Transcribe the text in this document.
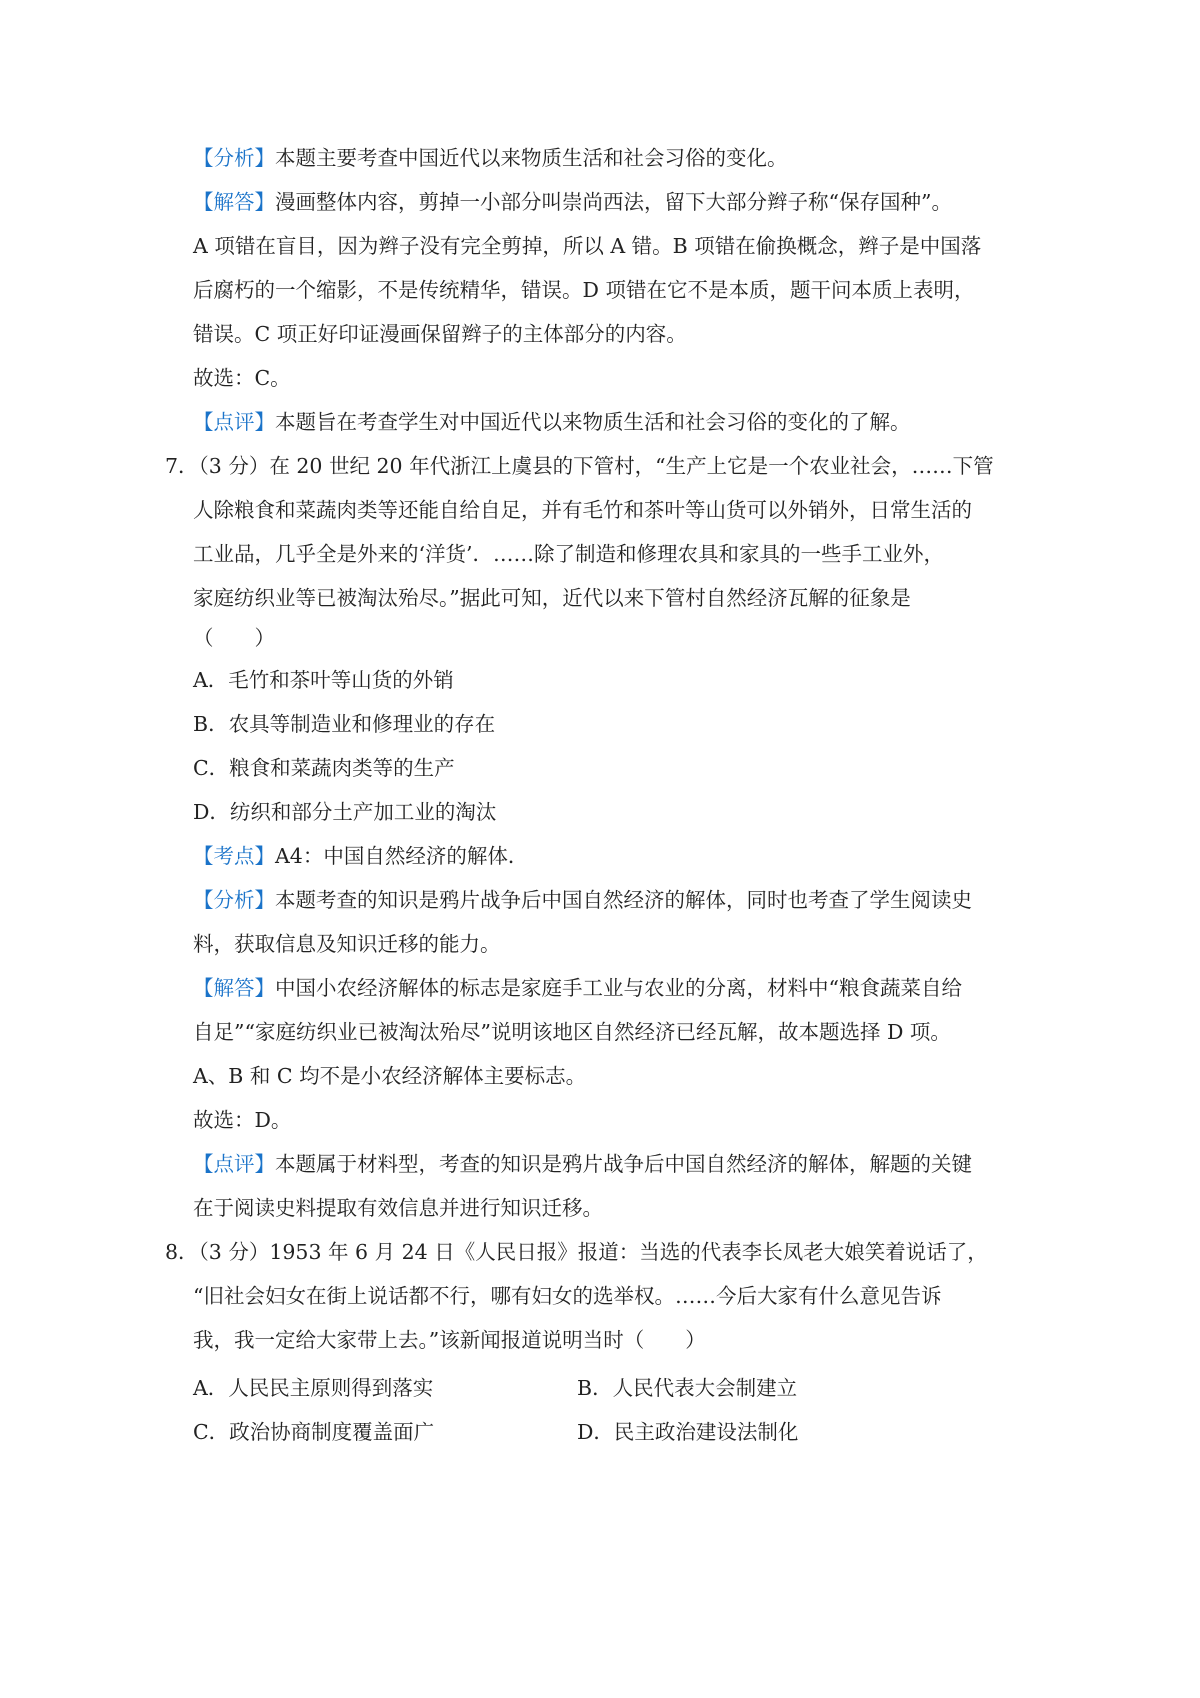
【分析】 本题主要考查中国近代以来物质生活和社会习俗的变化。
【解答】 漫画整体内容，剪掉一小部分叫崇尚西法，留下大部分辫子称“保存国种”。
A 项错在盲目，因为辫子没有完全剪掉，所以 A 错。B 项错在偷换概念，辫子是中国落
后腐朽的一个缩影，不是传统精华，错误。D 项错在它不是本质，题干问本质上表明，
错误。C 项正好印证漫画保留辫子的主体部分的内容。
故选：C。
【点评】 本题旨在考查学生对中国近代以来物质生活和社会习俗的变化的了解。
7．（3 分）在 20 世纪 20 年代浙江上虞县的下管村，“生产上它是一个农业社会，……下管
人除粮食和菜蔬肉类等还能自给自足，并有毛竹和茶叶等山货可以外销外，日常生活的
工业品，几乎全是外来的‘洋货’．……除了制造和修理农具和家具的一些手工业外，
家庭纺织业等已被淘汰殆尽。”据此可知，近代以来下管村自然经济瓦解的征象是
（　　）
A．毛竹和茶叶等山货的外销
B．农具等制造业和修理业的存在
C．粮食和菜蔬肉类等的生产
D．纺织和部分土产加工业的淘汰
【考点】 A4：中国自然经济的解体．
【分析】 本题考查的知识是鸦片战争后中国自然经济的解体，同时也考查了学生阅读史
料，获取信息及知识迁移的能力。
【解答】 中国小农经济解体的标志是家庭手工业与农业的分离，材料中“粮食蔬菜自给
自足”“家庭纺织业已被淘汰殆尽”说明该地区自然经济已经瓦解，故本题选择 D 项。
A、B 和 C 均不是小农经济解体主要标志。
故选：D。
【点评】 本题属于材料型，考查的知识是鸦片战争后中国自然经济的解体，解题的关键
在于阅读史料提取有效信息并进行知识迁移。
8．（3 分）1953 年 6 月 24 日《人民日报》报道：当选的代表李长凤老大娘笑着说话了，
“旧社会妇女在街上说话都不行，哪有妇女的选举权。……今后大家有什么意见告诉
我，我一定给大家带上去。”该新闻报道说明当时（　　）
A．人民民主原则得到落实	B．人民代表大会制建立
C．政治协商制度覆盖面广	D．民主政治建设法制化
